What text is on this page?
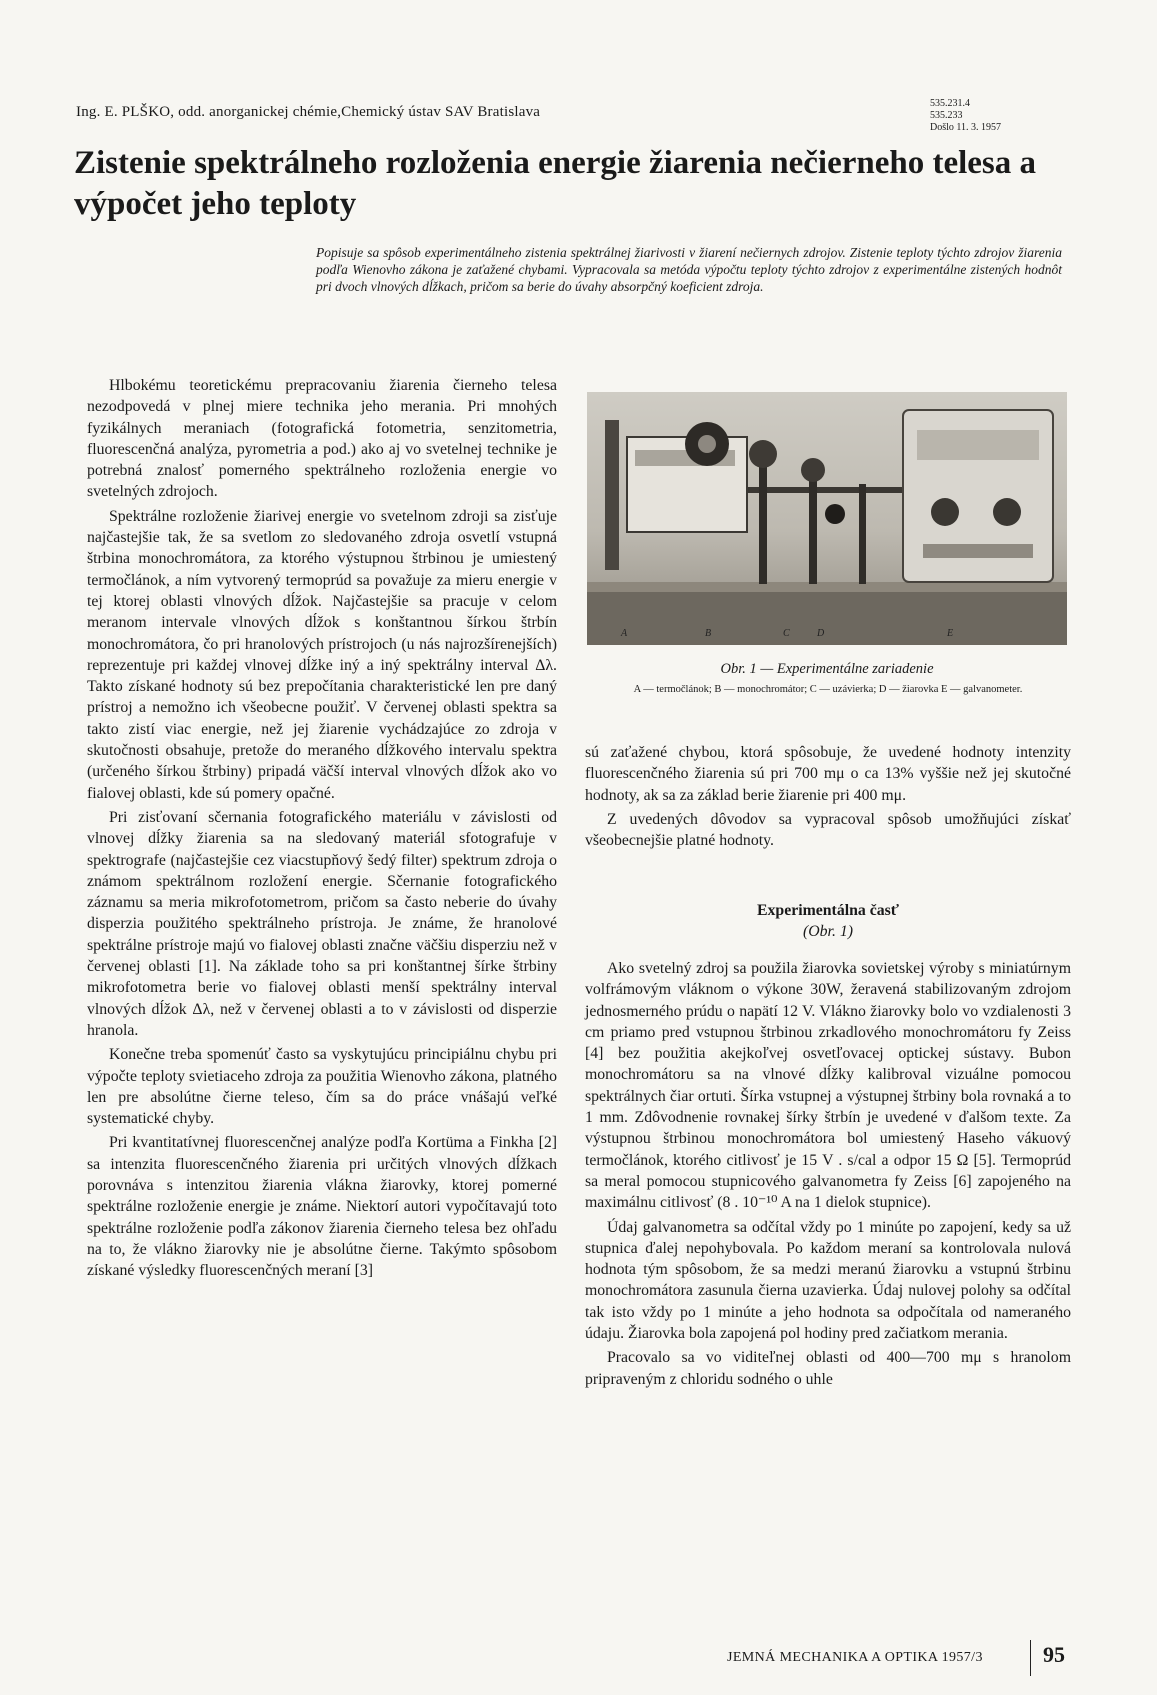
Ing. E. PLŠKO, odd. anorganickej chémie,Chemický ústav SAV Bratislava
535.231.4
535.233
Došlo 11. 3. 1957
Zistenie spektrálneho rozloženia energie žiarenia nečierneho telesa a výpočet jeho teploty
Popisuje sa spôsob experimentálneho zistenia spektrálnej žiarivosti v žiarení nečiernych zdrojov. Zistenie teploty týchto zdrojov žiarenia podľa Wienovho zákona je zaťažené chybami. Vypracovala sa metóda výpočtu teploty týchto zdrojov z experimentálne zistených hodnôt pri dvoch vlnových dĺžkach, pričom sa berie do úvahy absorpčný koeficient zdroja.

Hlbokému teoretickému prepracovaniu žiarenia čierneho telesa nezodpovedá v plnej miere technika jeho merania. Pri mnohých fyzikálnych meraniach (fotografická fotometria, senzitometria, fluorescenčná analýza, pyrometria a pod.) ako aj vo svetelnej technike je potrebná znalosť pomerného spektrálneho rozloženia energie vo svetelných zdrojoch.

Spektrálne rozloženie žiarivej energie vo svetelnom zdroji sa zisťuje najčastejšie tak, že sa svetlom zo sledovaného zdroja osvetlí vstupná štrbina monochromátora, za ktorého výstupnou štrbinou je umiestený termočlánok, a ním vytvorený termoprúd sa považuje za mieru energie v tej ktorej oblasti vlnových dĺžok. Najčastejšie sa pracuje v celom meranom intervale vlnových dĺžok s konštantnou šírkou štrbín monochromátora, čo pri hranolových prístrojoch (u nás najrozšírenejších) reprezentuje pri každej vlnovej dĺžke iný a iný spektrálny interval Δλ. Takto získané hodnoty sú bez prepočítania charakteristické len pre daný prístroj a nemožno ich všeobecne použiť. V červenej oblasti spektra sa takto zistí viac energie, než jej žiarenie vychádzajúce zo zdroja v skutočnosti obsahuje, pretože do meraného dĺžkového intervalu spektra (určeného šírkou štrbiny) pripadá väčší interval vlnových dĺžok ako vo fialovej oblasti, kde sú pomery opačné.

Pri zisťovaní sčernania fotografického materiálu v závislosti od vlnovej dĺžky žiarenia sa na sledovaný materiál sfotografuje v spektrografe (najčastejšie cez viacstupňový šedý filter) spektrum zdroja o známom spektrálnom rozložení energie. Sčernanie fotografického záznamu sa meria mikrofotometrom, pričom sa často neberie do úvahy disperzia použitého spektrálneho prístroja. Je známe, že hranolové spektrálne prístroje majú vo fialovej oblasti značne väčšiu disperziu než v červenej oblasti [1]. Na základe toho sa pri konštantnej šírke štrbiny mikrofotometra berie vo fialovej oblasti menší spektrálny interval vlnových dĺžok Δλ, než v červenej oblasti a to v závislosti od disperzie hranola.

Konečne treba spomenúť často sa vyskytujúcu principiálnu chybu pri výpočte teploty svietiaceho zdroja za použitia Wienovho zákona, platného len pre absolútne čierne teleso, čím sa do práce vnášajú veľké systematické chyby.

Pri kvantitatívnej fluorescenčnej analýze podľa Kortüma a Finkha [2] sa intenzita fluorescenčného žiarenia pri určitých vlnových dĺžkach porovnáva s intenzitou žiarenia vlákna žiarovky, ktorej pomerné spektrálne rozloženie energie je známe. Niektorí autori vypočítavajú toto spektrálne rozloženie podľa zákonov žiarenia čierneho telesa bez ohľadu na to, že vlákno žiarovky nie je absolútne čierne. Takýmto spôsobom získané výsledky fluorescenčných meraní [3]

A	B	C	D	E
Obr. 1 — Experimentálne zariadenie
A — termočlánok; B — monochromátor; C — uzávierka; D — žiarovka E — galvanometer.

sú zaťažené chybou, ktorá spôsobuje, že uvedené hodnoty intenzity fluorescenčného žiarenia sú pri 700 mμ o ca 13% vyššie než jej skutočné hodnoty, ak sa za základ berie žiarenie pri 400 mμ.

Z uvedených dôvodov sa vypracoval spôsob umožňujúci získať všeobecnejšie platné hodnoty.

Experimentálna časť
(Obr. 1)

Ako svetelný zdroj sa použila žiarovka sovietskej výroby s miniatúrnym volfrámovým vláknom o výkone 30W, žeravená stabilizovaným zdrojom jednosmerného prúdu o napätí 12 V. Vlákno žiarovky bolo vo vzdialenosti 3 cm priamo pred vstupnou štrbinou zrkadlového monochromátoru fy Zeiss [4] bez použitia akejkoľvej osvetľovacej optickej sústavy. Bubon monochromátoru sa na vlnové dĺžky kalibroval vizuálne pomocou spektrálnych čiar ortuti. Šírka vstupnej a výstupnej štrbiny bola rovnaká a to 1 mm. Zdôvodnenie rovnakej šírky štrbín je uvedené v ďalšom texte. Za výstupnou štrbinou monochromátora bol umiestený Haseho vákuový termočlánok, ktorého citlivosť je 15 V . s/cal a odpor 15 Ω [5]. Termoprúd sa meral pomocou stupnicového galvanometra fy Zeiss [6] zapojeného na maximálnu citlivosť (8 . 10⁻¹⁰ A na 1 dielok stupnice).

Údaj galvanometra sa odčítal vždy po 1 minúte po zapojení, kedy sa už stupnica ďalej nepohybovala. Po každom meraní sa kontrolovala nulová hodnota tým spôsobom, že sa medzi meranú žiarovku a vstupnú štrbinu monochromátora zasunula čierna uzavierka. Údaj nulovej polohy sa odčítal tak isto vždy po 1 minúte a jeho hodnota sa odpočítala od nameraného údaju. Žiarovka bola zapojená pol hodiny pred začiatkom merania.

Pracovalo sa vo viditeľnej oblasti od 400—700 mμ s hranolom pripraveným z chloridu sodného o uhle

JEMNÁ MECHANIKA A OPTIKA 1957/3	95
